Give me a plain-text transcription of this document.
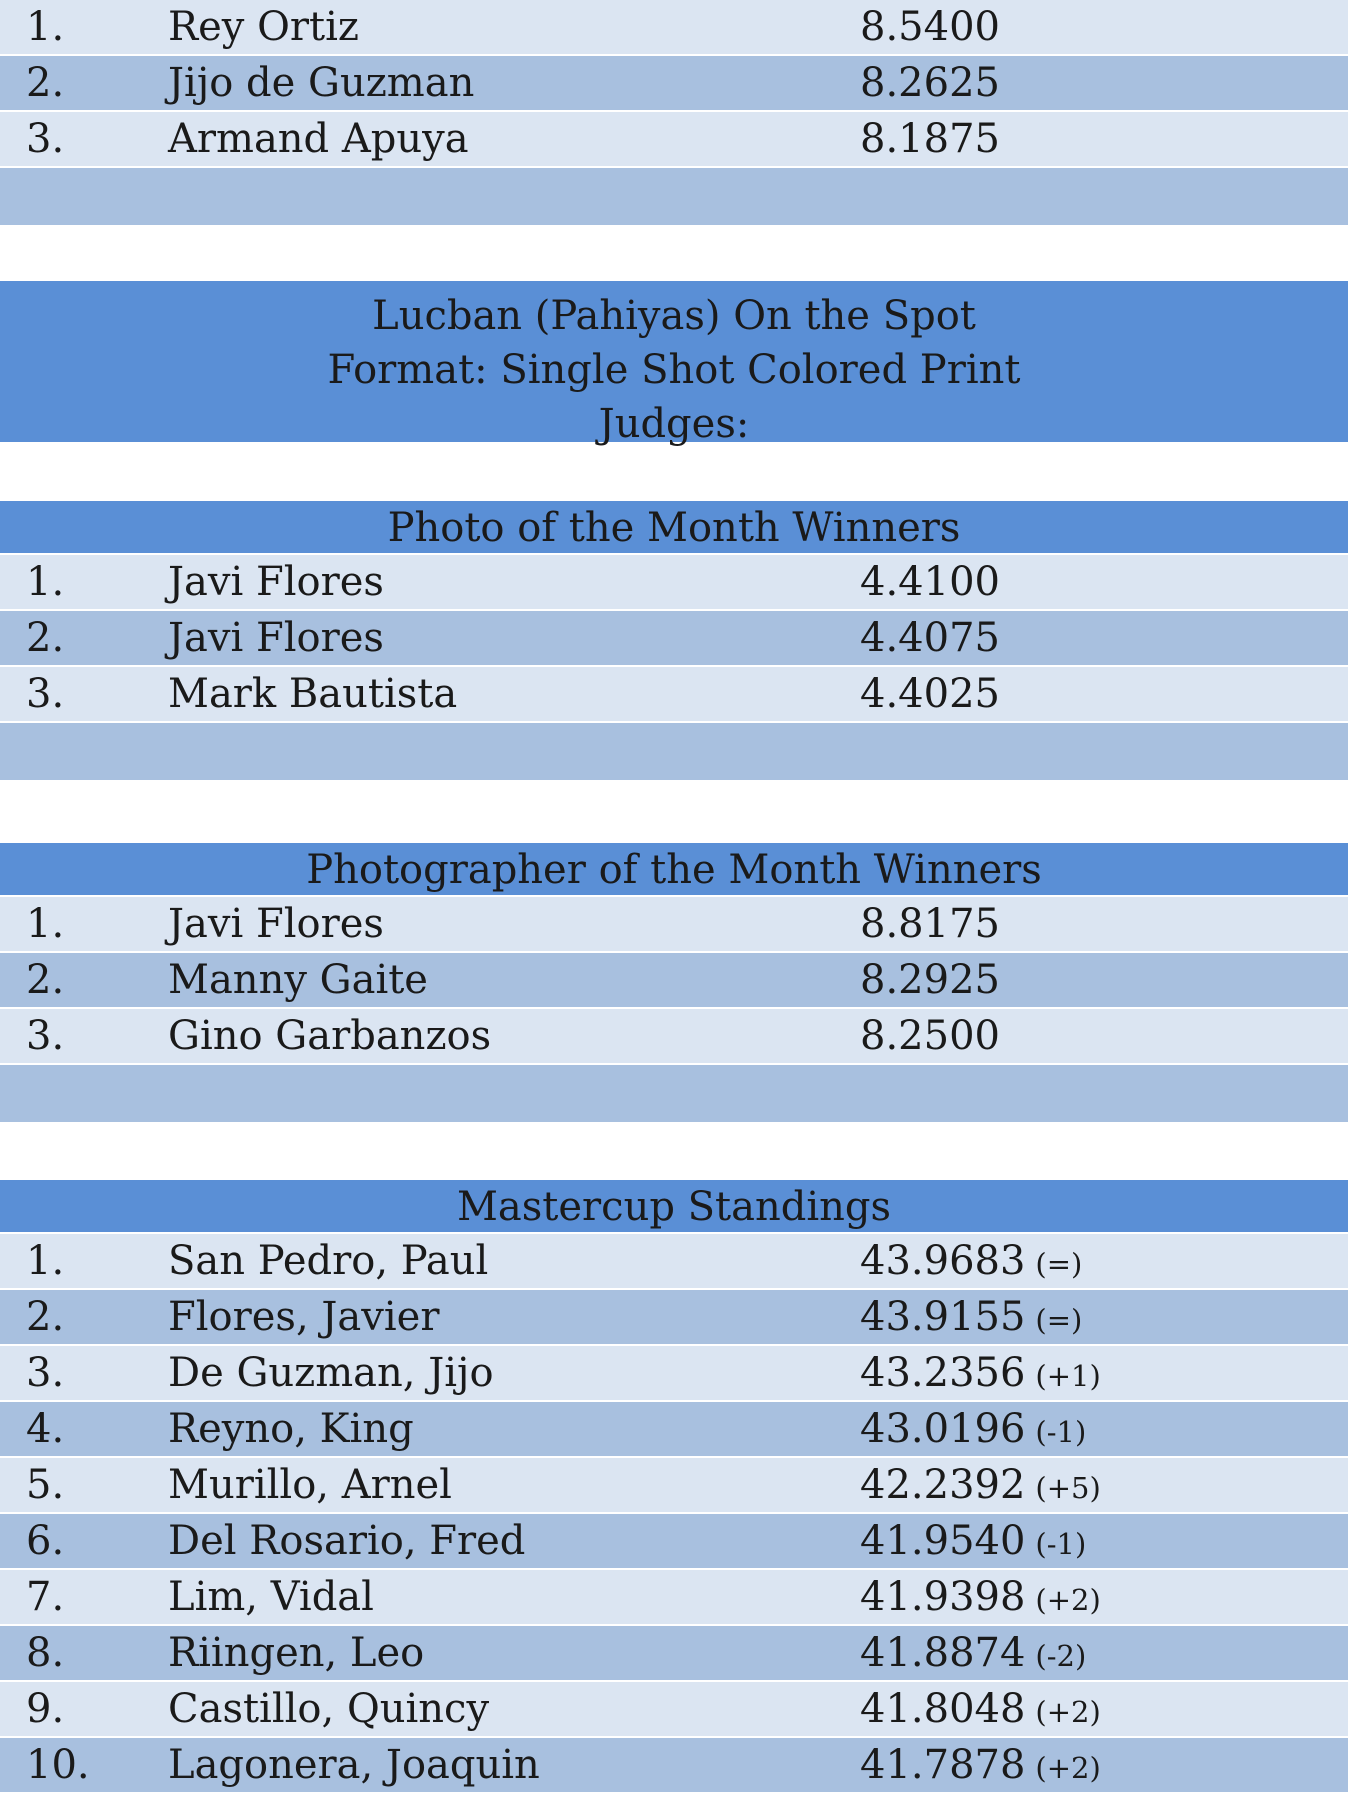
1.	Rey Ortiz	8.5400
2.	Jijo de Guzman	8.2625
3.	Armand Apuya	8.1875
Lucban (Pahiyas) On the Spot
Format: Single Shot Colored Print
Judges:
Photo of the Month Winners
1.	Javi Flores	4.4100
2.	Javi Flores	4.4075
3.	Mark Bautista	4.4025
Photographer of the Month Winners
1.	Javi Flores	8.8175
2.	Manny Gaite	8.2925
3.	Gino Garbanzos	8.2500
Mastercup Standings
1.	San Pedro, Paul	43.9683 (=)
2.	Flores, Javier	43.9155 (=)
3.	De Guzman, Jijo	43.2356 (+1)
4.	Reyno, King	43.0196 (-1)
5.	Murillo, Arnel	42.2392 (+5)
6.	Del Rosario, Fred	41.9540 (-1)
7.	Lim, Vidal	41.9398 (+2)
8.	Riingen, Leo	41.8874 (-2)
9.	Castillo, Quincy	41.8048 (+2)
10. Lagonera, Joaquin	41.7878 (+2)
